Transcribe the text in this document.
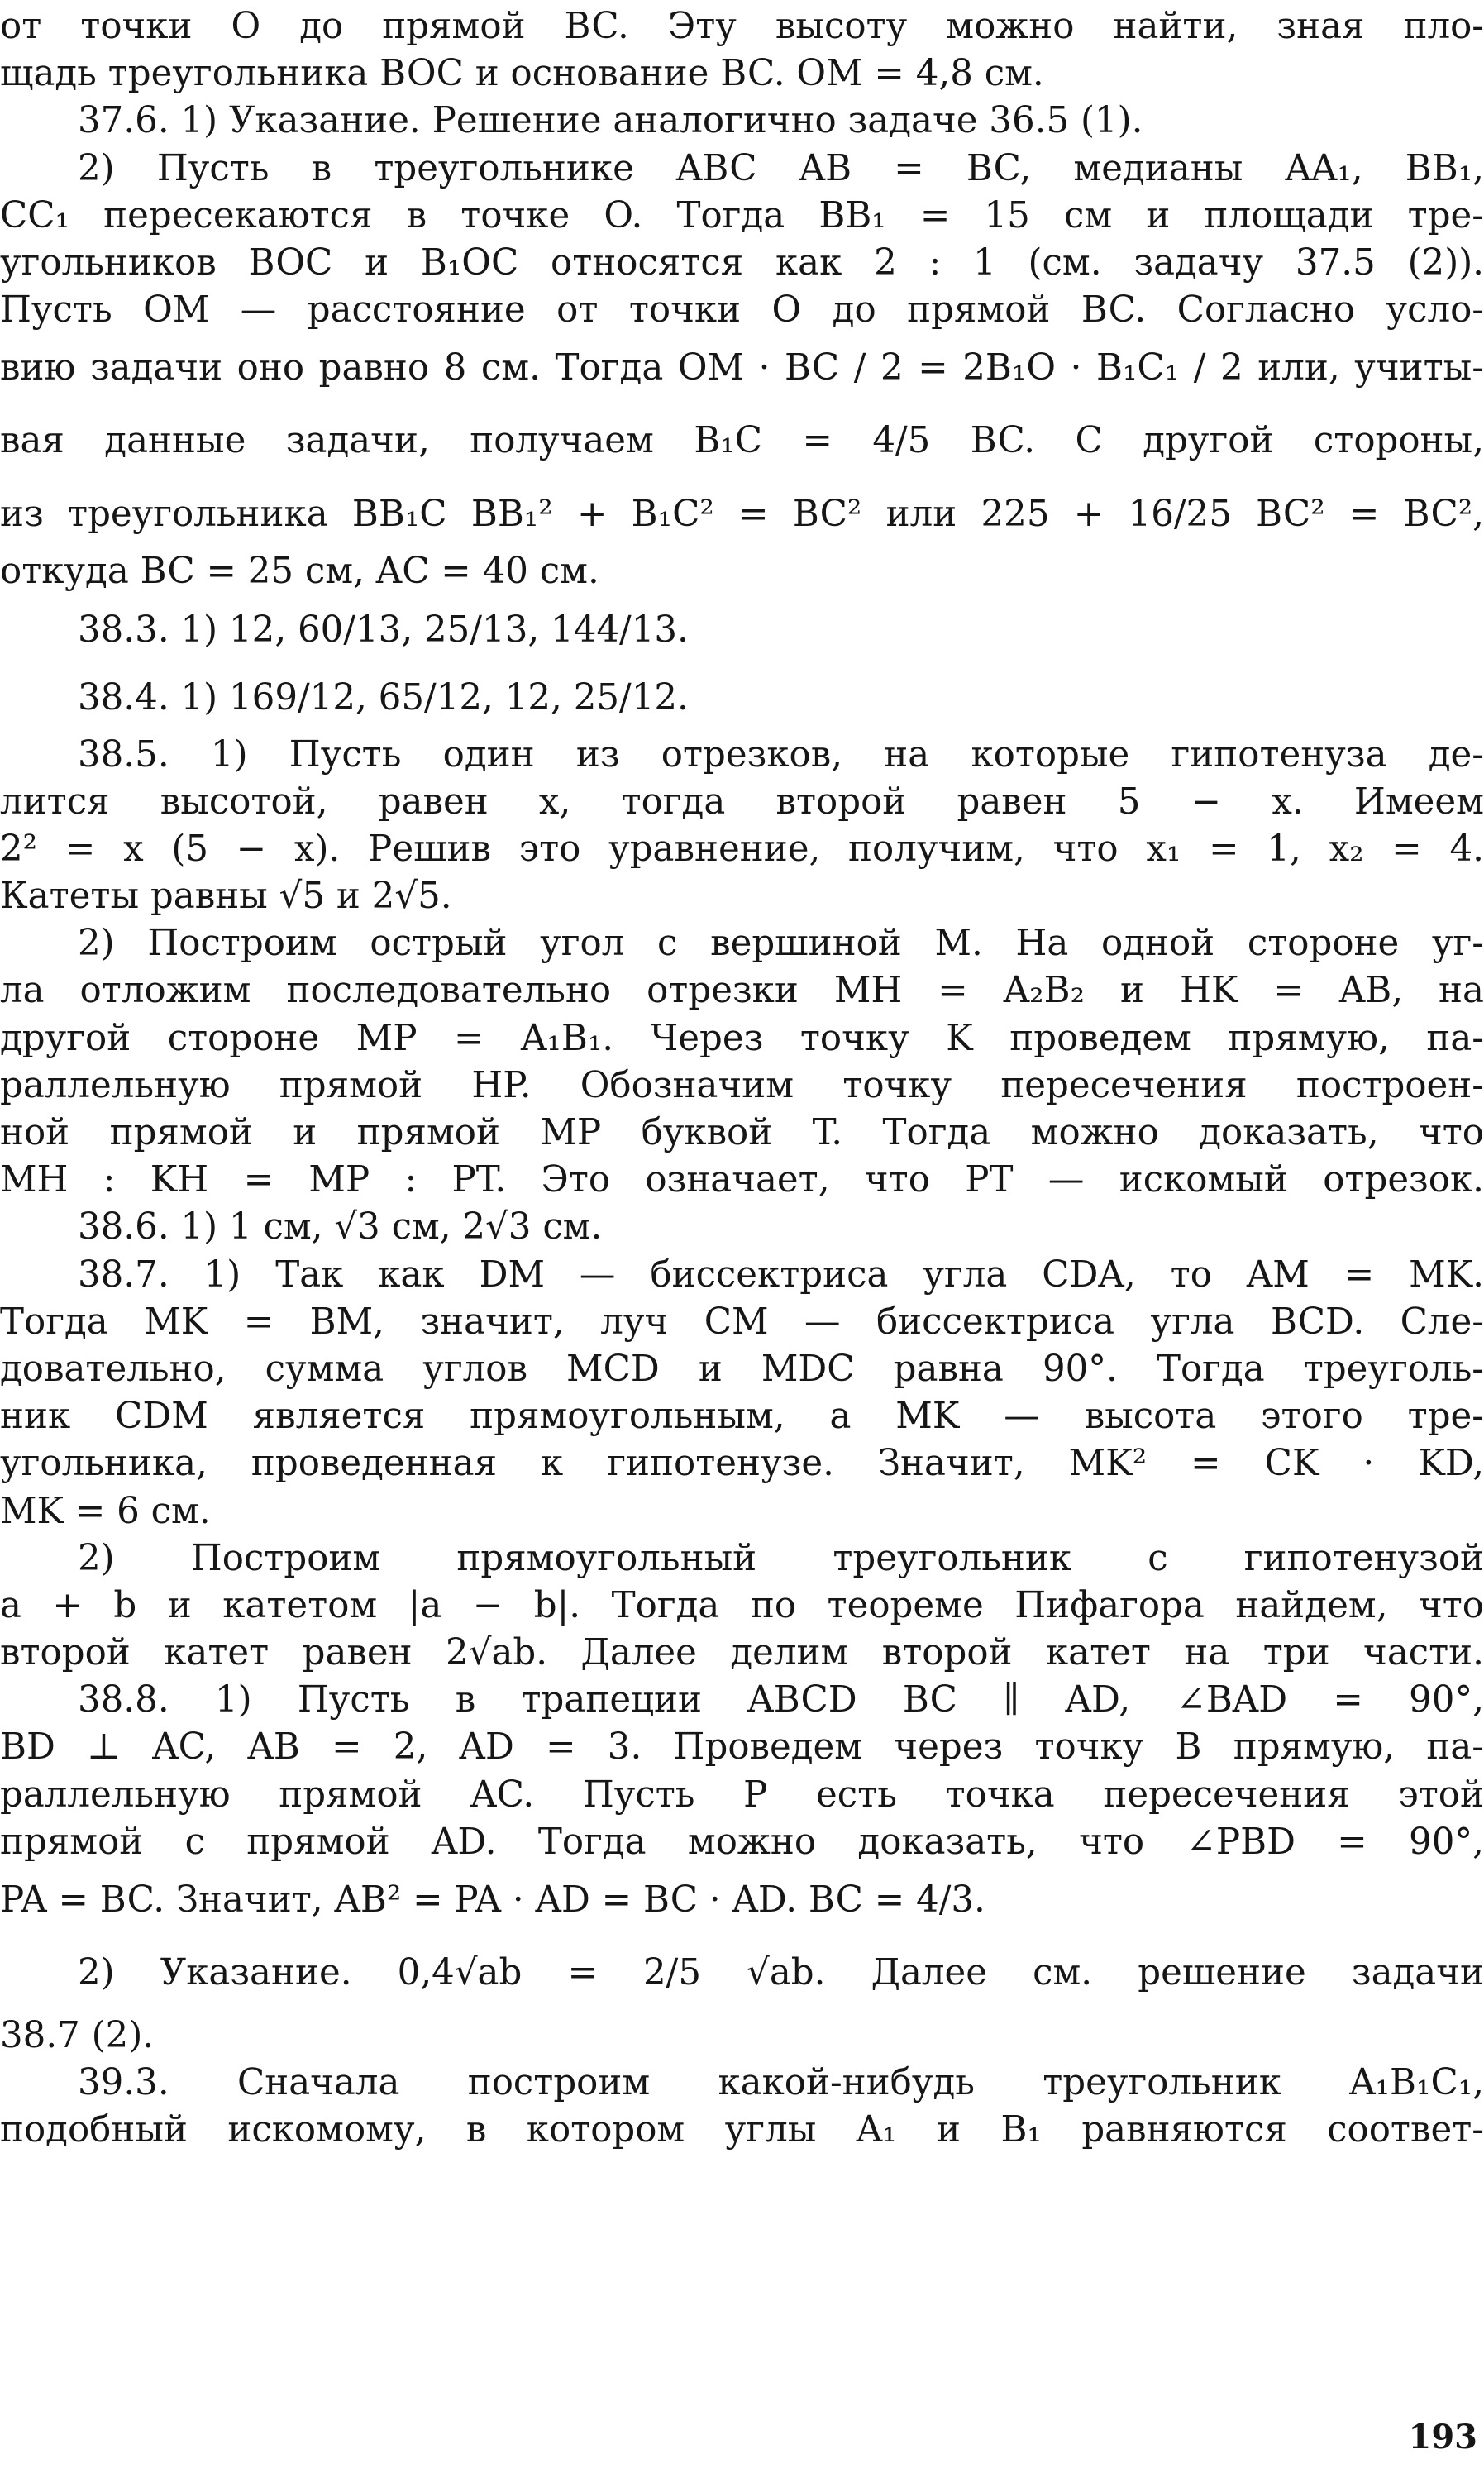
от точки O до прямой BC. Эту высоту можно найти, зная пло-

щадь треугольника BOC и основание BC. OM = 4,8 см.

37.6. 1) Указание. Решение аналогично задаче 36.5 (1).

2) Пусть в треугольнике ABC AB = BC, медианы AA₁, BB₁,

CC₁ пересекаются в точке O. Тогда BB₁ = 15 см и площади тре-

угольников BOC и B₁OC относятся как 2 : 1 (см. задачу 37.5 (2)).

Пусть OM — расстояние от точки O до прямой BC. Согласно усло-

вию задачи оно равно 8 см. Тогда OM · BC / 2 = 2B₁O · B₁C₁ / 2 или, учиты-

вая данные задачи, получаем B₁C = 4/5 BC. С другой стороны,

из треугольника BB₁C BB₁² + B₁C² = BC² или 225 + 16/25 BC² = BC²,

откуда BC = 25 см, AC = 40 см.

38.3. 1) 12, 60/13, 25/13, 144/13.

38.4. 1) 169/12, 65/12, 12, 25/12.

38.5. 1) Пусть один из отрезков, на которые гипотенуза де-

лится высотой, равен x, тогда второй равен 5 − x. Имеем

2² = x (5 − x). Решив это уравнение, получим, что x₁ = 1, x₂ = 4.

Катеты равны √5 и 2√5.

2) Построим острый угол с вершиной M. На одной стороне уг-

ла отложим последовательно отрезки MH = A₂B₂ и HK = AB, на

другой стороне MP = A₁B₁. Через точку K проведем прямую, па-

раллельную прямой HP. Обозначим точку пересечения построен-

ной прямой и прямой MP буквой T. Тогда можно доказать, что

MH : KH = MP : PT. Это означает, что PT — искомый отрезок.

38.6. 1) 1 см, √3 см, 2√3 см.

38.7. 1) Так как DM — биссектриса угла CDA, то AM = MK.

Тогда MK = BM, значит, луч CM — биссектриса угла BCD. Сле-

довательно, сумма углов MCD и MDC равна 90°. Тогда треуголь-

ник CDM является прямоугольным, а MK — высота этого тре-

угольника, проведенная к гипотенузе. Значит, MK² = CK · KD,

MK = 6 см.

2) Построим прямоугольный треугольник с гипотенузой

a + b и катетом |a − b|. Тогда по теореме Пифагора найдем, что

второй катет равен 2√ab. Далее делим второй катет на три части.

38.8. 1) Пусть в трапеции ABCD BC ∥ AD, ∠BAD = 90°,

BD ⊥ AC, AB = 2, AD = 3. Проведем через точку B прямую, па-

раллельную прямой AC. Пусть P есть точка пересечения этой

прямой с прямой AD. Тогда можно доказать, что ∠PBD = 90°,

PA = BC. Значит, AB² = PA · AD = BC · AD. BC = 4/3.

2) Указание. 0,4√ab = 2/5 √ab. Далее см. решение задачи

38.7 (2).

39.3. Сначала построим какой-нибудь треугольник A₁B₁C₁,

подобный искомому, в котором углы A₁ и B₁ равняются соответ-

193
